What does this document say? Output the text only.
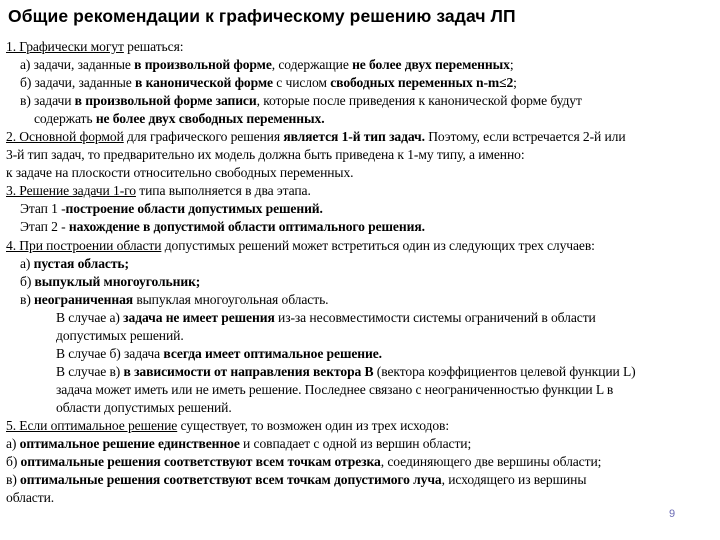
Общие рекомендации к графическому решению задач ЛП
1. Графически могут решаться:
а) задачи, заданные в произвольной форме, содержащие не более двух переменных;
б) задачи, заданные в канонической форме с числом свободных переменных n-m≤2;
в) задачи в произвольной форме записи, которые после приведения к канонической форме будут
содержать не более двух свободных переменных.
2. Основной формой для графического решения является 1-й тип задач. Поэтому, если встречается 2-й или
3-й тип задач, то предварительно их модель должна быть приведена к 1-му типу, а именно:
к задаче на плоскости относительно свободных переменных.
3. Решение задачи 1-го типа выполняется в два этапа.
Этап 1 -построение области допустимых решений.
Этап 2 - нахождение в допустимой области оптимального решения.
4. При построении области допустимых решений может встретиться один из следующих трех случаев:
а) пустая область;
б) выпуклый многоугольник;
в) неограниченная выпуклая многоугольная область.
В случае а) задача не имеет решения из-за несовместимости системы ограничений в области
допустимых решений.
В случае б) задача всегда имеет оптимальное решение.
В случае в) в зависимости от направления вектора В (вектора коэффициентов целевой функции L)
задача может иметь или не иметь решение. Последнее связано с неограниченностью функции L в
области допустимых решений.
5. Если оптимальное решение существует, то возможен один из трех исходов:
а) оптимальное решение единственное и совпадает с одной из вершин области;
б) оптимальные решения соответствуют всем точкам отрезка, соединяющего две вершины области;
в) оптимальные решения соответствуют всем точкам допустимого луча, исходящего из вершины
области.
9
